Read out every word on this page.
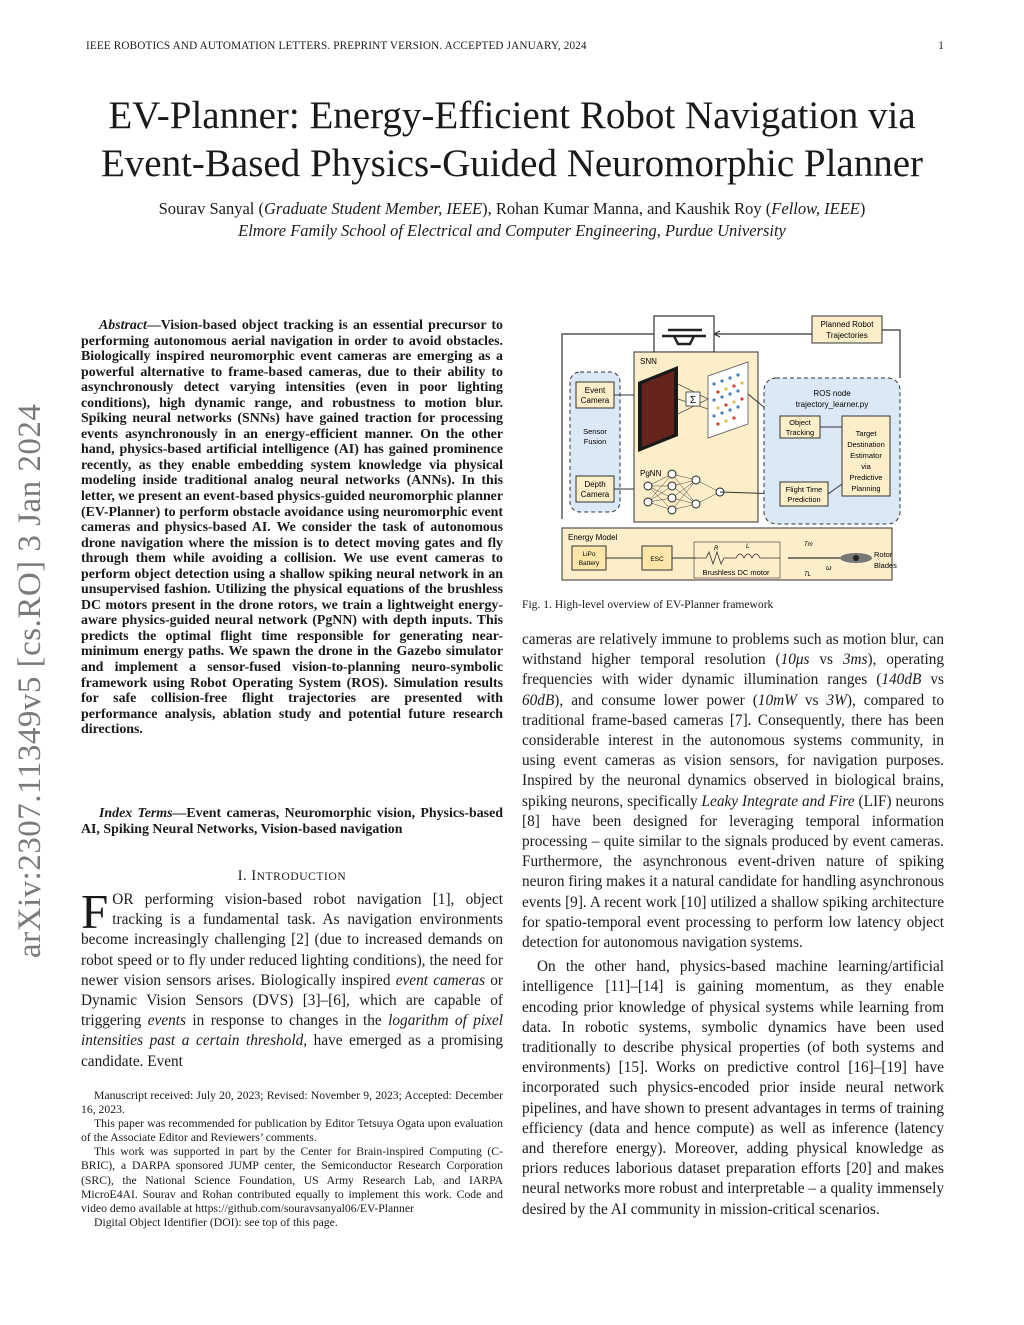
IEEE ROBOTICS AND AUTOMATION LETTERS. PREPRINT VERSION. ACCEPTED JANUARY, 2024	1
arXiv:2307.11349v5 [cs.RO] 3 Jan 2024
EV-Planner: Energy-Efficient Robot Navigation via
Event-Based Physics-Guided Neuromorphic Planner
Sourav Sanyal (Graduate Student Member, IEEE), Rohan Kumar Manna, and Kaushik Roy (Fellow, IEEE)
Elmore Family School of Electrical and Computer Engineering, Purdue University

Abstract—Vision-based object tracking is an essential precursor to performing autonomous aerial navigation in order to avoid obstacles. Biologically inspired neuromorphic event cameras are emerging as a powerful alternative to frame-based cameras, due to their ability to asynchronously detect varying intensities (even in poor lighting conditions), high dynamic range, and robustness to motion blur. Spiking neural networks (SNNs) have gained traction for processing events asynchronously in an energy-efficient manner. On the other hand, physics-based artificial intelligence (AI) has gained prominence recently, as they enable embedding system knowledge via physical modeling inside traditional analog neural networks (ANNs). In this letter, we present an event-based physics-guided neuromorphic planner (EV-Planner) to perform obstacle avoidance using neuromorphic event cameras and physics-based AI. We consider the task of autonomous drone navigation where the mission is to detect moving gates and fly through them while avoiding a collision. We use event cameras to perform object detection using a shallow spiking neural network in an unsupervised fashion. Utilizing the physical equations of the brushless DC motors present in the drone rotors, we train a lightweight energy-aware physics-guided neural network (PgNN) with depth inputs. This predicts the optimal flight time responsible for generating near-minimum energy paths. We spawn the drone in the Gazebo simulator and implement a sensor-fused vision-to-planning neuro-symbolic framework using Robot Operating System (ROS). Simulation results for safe collision-free flight trajectories are presented with performance analysis, ablation study and potential future research directions.

Index Terms—Event cameras, Neuromorphic vision, Physics-based AI, Spiking Neural Networks, Vision-based navigation

I. INTRODUCTION

FOR performing vision-based robot navigation [1], object tracking is a fundamental task. As navigation environments become increasingly challenging [2] (due to increased demands on robot speed or to fly under reduced lighting conditions), the need for newer vision sensors arises. Biologically inspired event cameras or Dynamic Vision Sensors (DVS) [3]–[6], which are capable of triggering events in response to changes in the logarithm of pixel intensities past a certain threshold, have emerged as a promising candidate. Event

Manuscript received: July 20, 2023; Revised: November 9, 2023; Accepted: December 16, 2023.

This paper was recommended for publication by Editor Tetsuya Ogata upon evaluation of the Associate Editor and Reviewers’ comments.

This work was supported in part by the Center for Brain-inspired Computing (C-BRIC), a DARPA sponsored JUMP center, the Semiconductor Research Corporation (SRC), the National Science Foundation, US Army Research Lab, and IARPA MicroE4AI. Sourav and Rohan contributed equally to implement this work. Code and video demo available at https://github.com/souravsanyal06/EV-Planner

Digital Object Identifier (DOI): see top of this page.

Planned Robot
Trajectories
Event
Camera
Sensor
Fusion
Depth
Camera
SNN
Σ
PgNN
ROS node
trajectory_learner.py
Object
Tracking	Target
Destination
Estimator
via
Predictive
Planning
Flight Time
Prediction
Energy Model
LiPo
Battery
ESC
R	L
Brushless DC motor
Tm
TL
ω
Rotor
Blades
Fig. 1. High-level overview of EV-Planner framework

cameras are relatively immune to problems such as motion blur, can withstand higher temporal resolution (10μs vs 3ms), operating frequencies with wider dynamic illumination ranges (140dB vs 60dB), and consume lower power (10mW vs 3W), compared to traditional frame-based cameras [7]. Consequently, there has been considerable interest in the autonomous systems community, in using event cameras as vision sensors, for navigation purposes. Inspired by the neuronal dynamics observed in biological brains, spiking neurons, specifically Leaky Integrate and Fire (LIF) neurons [8] have been designed for leveraging temporal information processing – quite similar to the signals produced by event cameras. Furthermore, the asynchronous event-driven nature of spiking neuron firing makes it a natural candidate for handling asynchronous events [9]. A recent work [10] utilized a shallow spiking architecture for spatio-temporal event processing to perform low latency object detection for autonomous navigation systems.

On the other hand, physics-based machine learning/artificial intelligence [11]–[14] is gaining momentum, as they enable encoding prior knowledge of physical systems while learning from data. In robotic systems, symbolic dynamics have been used traditionally to describe physical properties (of both systems and environments) [15]. Works on predictive control [16]–[19] have incorporated such physics-encoded prior inside neural network pipelines, and have shown to present advantages in terms of training efficiency (data and hence compute) as well as inference (latency and therefore energy). Moreover, adding physical knowledge as priors reduces laborious dataset preparation efforts [20] and makes neural networks more robust and interpretable – a quality immensely desired by the AI community in mission-critical scenarios.
